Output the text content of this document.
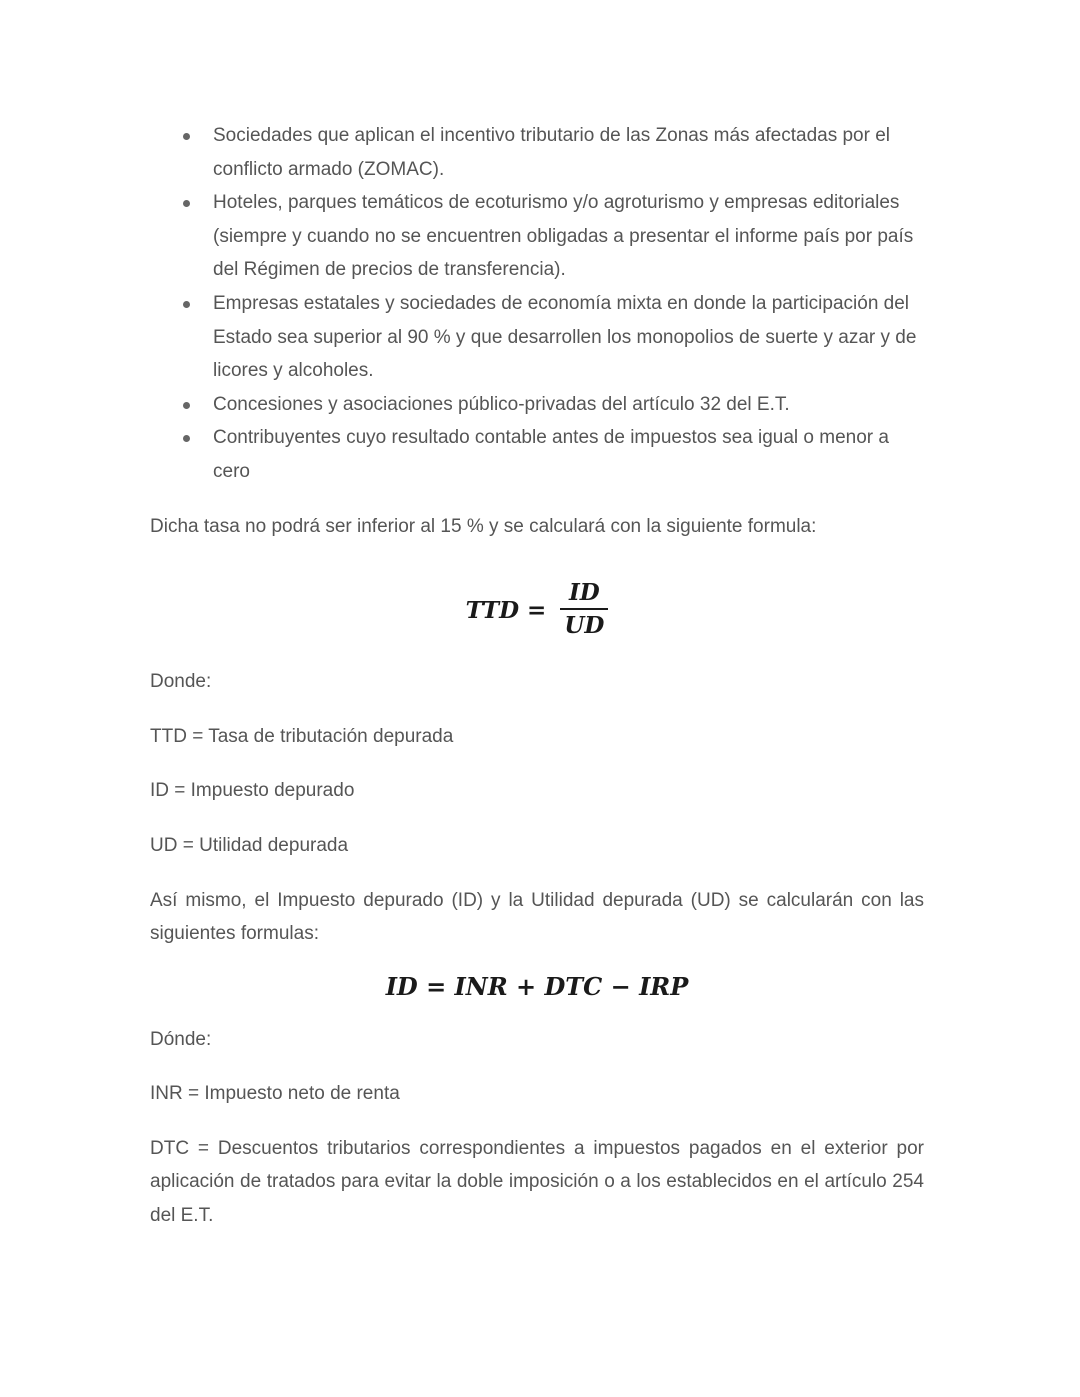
Sociedades que aplican el incentivo tributario de las Zonas más afectadas por el conflicto armado (ZOMAC).
Hoteles, parques temáticos de ecoturismo y/o agroturismo y empresas editoriales (siempre y cuando no se encuentren obligadas a presentar el informe país por país del Régimen de precios de transferencia).
Empresas estatales y sociedades de economía mixta en donde la participación del Estado sea superior al 90 % y que desarrollen los monopolios de suerte y azar y de licores y alcoholes.
Concesiones y asociaciones público-privadas del artículo 32 del E.T.
Contribuyentes cuyo resultado contable antes de impuestos sea igual o menor a cero

Dicha tasa no podrá ser inferior al 15 % y se calculará con la siguiente formula:

TTD = $\frac{ID}{UD}$

Donde:

TTD = Tasa de tributación depurada

ID = Impuesto depurado

UD = Utilidad depurada

Así mismo, el Impuesto depurado (ID) y la Utilidad depurada (UD) se calcularán con las siguientes formulas:

ID = INR + DTC − IRP

Dónde:

INR = Impuesto neto de renta

DTC = Descuentos tributarios correspondientes a impuestos pagados en el exterior por aplicación de tratados para evitar la doble imposición o a los establecidos en el artículo 254 del E.T.
